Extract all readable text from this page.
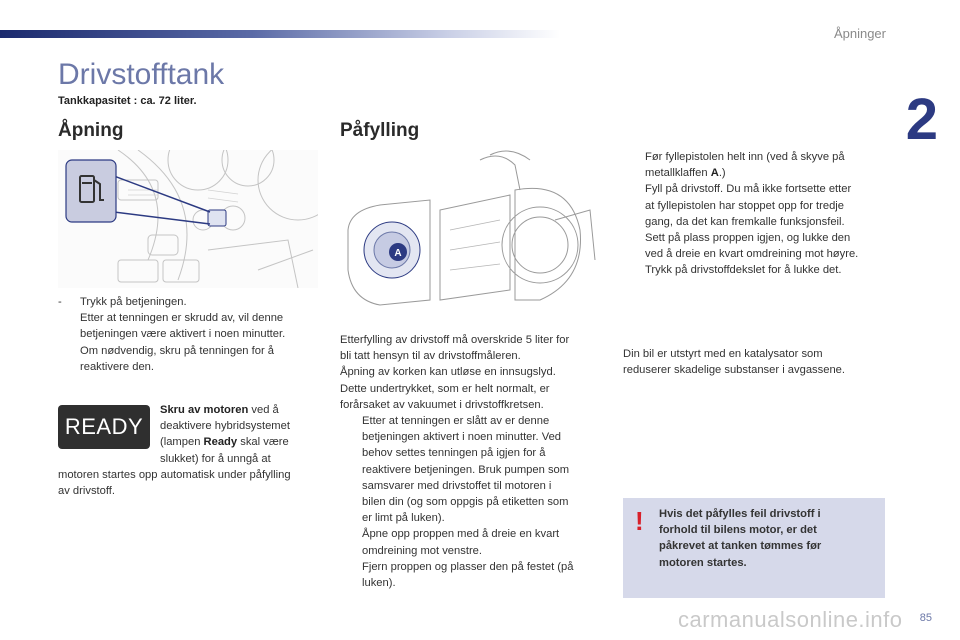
Åpninger
2
Drivstofftank
Tankkapasitet : ca. 72 liter.
Åpning	Påfylling
- Trykk på betjeningen.
Etter at tenningen er skrudd av, vil denne
betjeningen være aktivert i noen minutter.
Om nødvendig, skru på tenningen for å
reaktivere den.
READY
Skru av motoren ved å
deaktivere hybridsystemet
(lampen Ready skal være
slukket) for å unngå at
motoren startes opp automatisk under påfylling
av drivstoff.
A
Etterfylling av drivstoff må overskride 5 liter for
bli tatt hensyn til av drivstoffmåleren.
Åpning av korken kan utløse en innsugslyd.
Dette undertrykket, som er helt normalt, er
forårsaket av vakuumet i drivstoffkretsen.
Etter at tenningen er slått av er denne
betjeningen aktivert i noen minutter. Ved
behov settes tenningen på igjen for å
reaktivere betjeningen. Bruk pumpen som
samsvarer med drivstoffet til motoren i
bilen din (og som oppgis på etiketten som
er limt på luken).
Åpne opp proppen med å dreie en kvart
omdreining mot venstre.
Fjern proppen og plasser den på festet (på
luken).
Før fyllepistolen helt inn (ved å skyve på
metallklaffen A.)
Fyll på drivstoff. Du må ikke fortsette etter
at fyllepistolen har stoppet opp for tredje
gang, da det kan fremkalle funksjonsfeil.
Sett på plass proppen igjen, og lukke den
ved å dreie en kvart omdreining mot høyre.
Trykk på drivstoffdekslet for å lukke det.
Din bil er utstyrt med en katalysator som
reduserer skadelige substanser i avgassene.
! Hvis det påfylles feil drivstoff i
forhold til bilens motor, er det
påkrevet at tanken tømmes før
motoren startes.
carmanualsonline.info 85
